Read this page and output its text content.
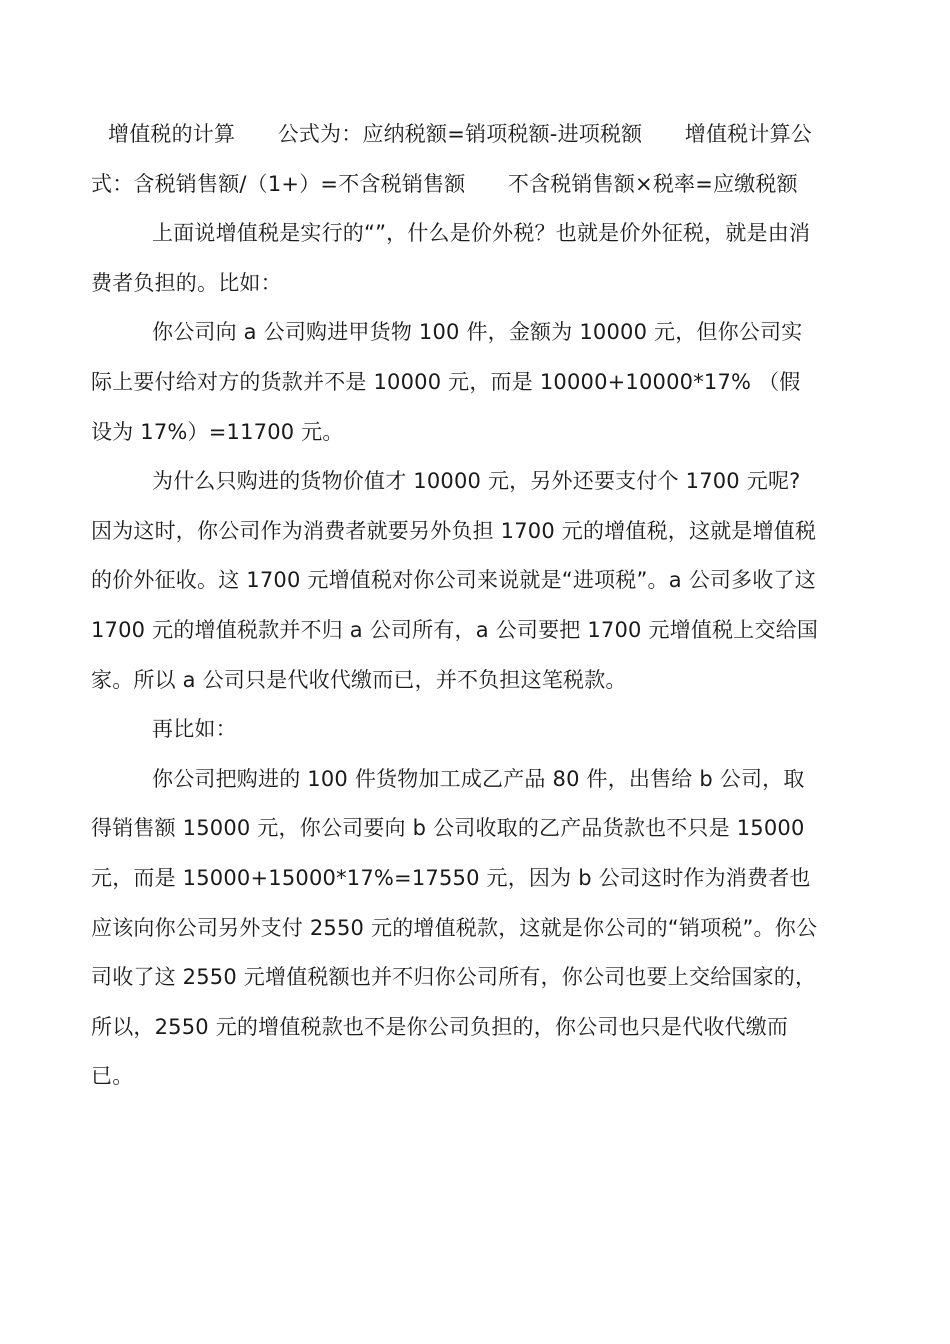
增值税的计算　　公式为：应纳税额=销项税额-进项税额　　增值税计算公式：含税销售额/（1+）=不含税销售额　　不含税销售额×税率=应缴税额

上面说增值税是实行的“”，什么是价外税？也就是价外征税，就是由消费者负担的。比如：

你公司向 a 公司购进甲货物 100 件，金额为 10000 元，但你公司实际上要付给对方的货款并不是 10000 元，而是 10000+10000*17% （假设为 17%）=11700 元。

为什么只购进的货物价值才 10000 元，另外还要支付个 1700 元呢?因为这时，你公司作为消费者就要另外负担 1700 元的增值税，这就是增值税的价外征收。这 1700 元增值税对你公司来说就是“进项税”。a 公司多收了这 1700 元的增值税款并不归 a 公司所有，a 公司要把 1700 元增值税上交给国家。所以 a 公司只是代收代缴而已，并不负担这笔税款。

再比如：

你公司把购进的 100 件货物加工成乙产品 80 件，出售给 b 公司，取得销售额 15000 元，你公司要向 b 公司收取的乙产品货款也不只是 15000 元，而是 15000+15000*17%=17550 元，因为 b 公司这时作为消费者也应该向你公司另外支付 2550 元的增值税款，这就是你公司的“销项税”。你公司收了这 2550 元增值税额也并不归你公司所有，你公司也要上交给国家的，所以，2550 元的增值税款也不是你公司负担的，你公司也只是代收代缴而已。
